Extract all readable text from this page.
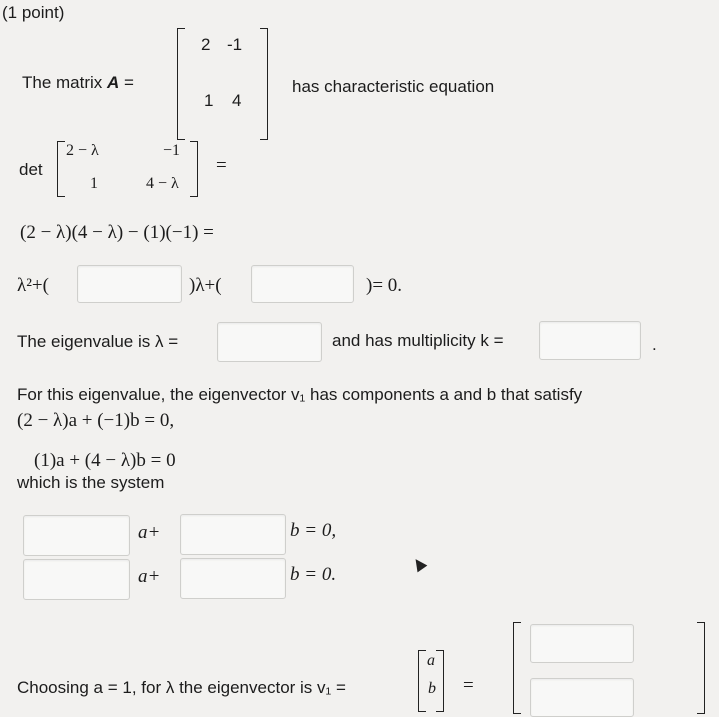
(1 point)
The matrix A =
2 -1
1 4
has characteristic equation
det
2 − λ	−1
1	4 − λ
=
(2 − λ)(4 − λ) − (1)(−1) =
λ²+(	)λ+(	)= 0.
The eigenvalue is λ =	and has multiplicity k =	.
For this eigenvalue, the eigenvector v₁ has components a and b that satisfy
(2 − λ)a + (−1)b = 0,
(1)a + (4 − λ)b = 0
which is the system
a+	b = 0,
a+	b = 0.
Choosing a = 1, for λ the eigenvector is v₁ =
a
b =
